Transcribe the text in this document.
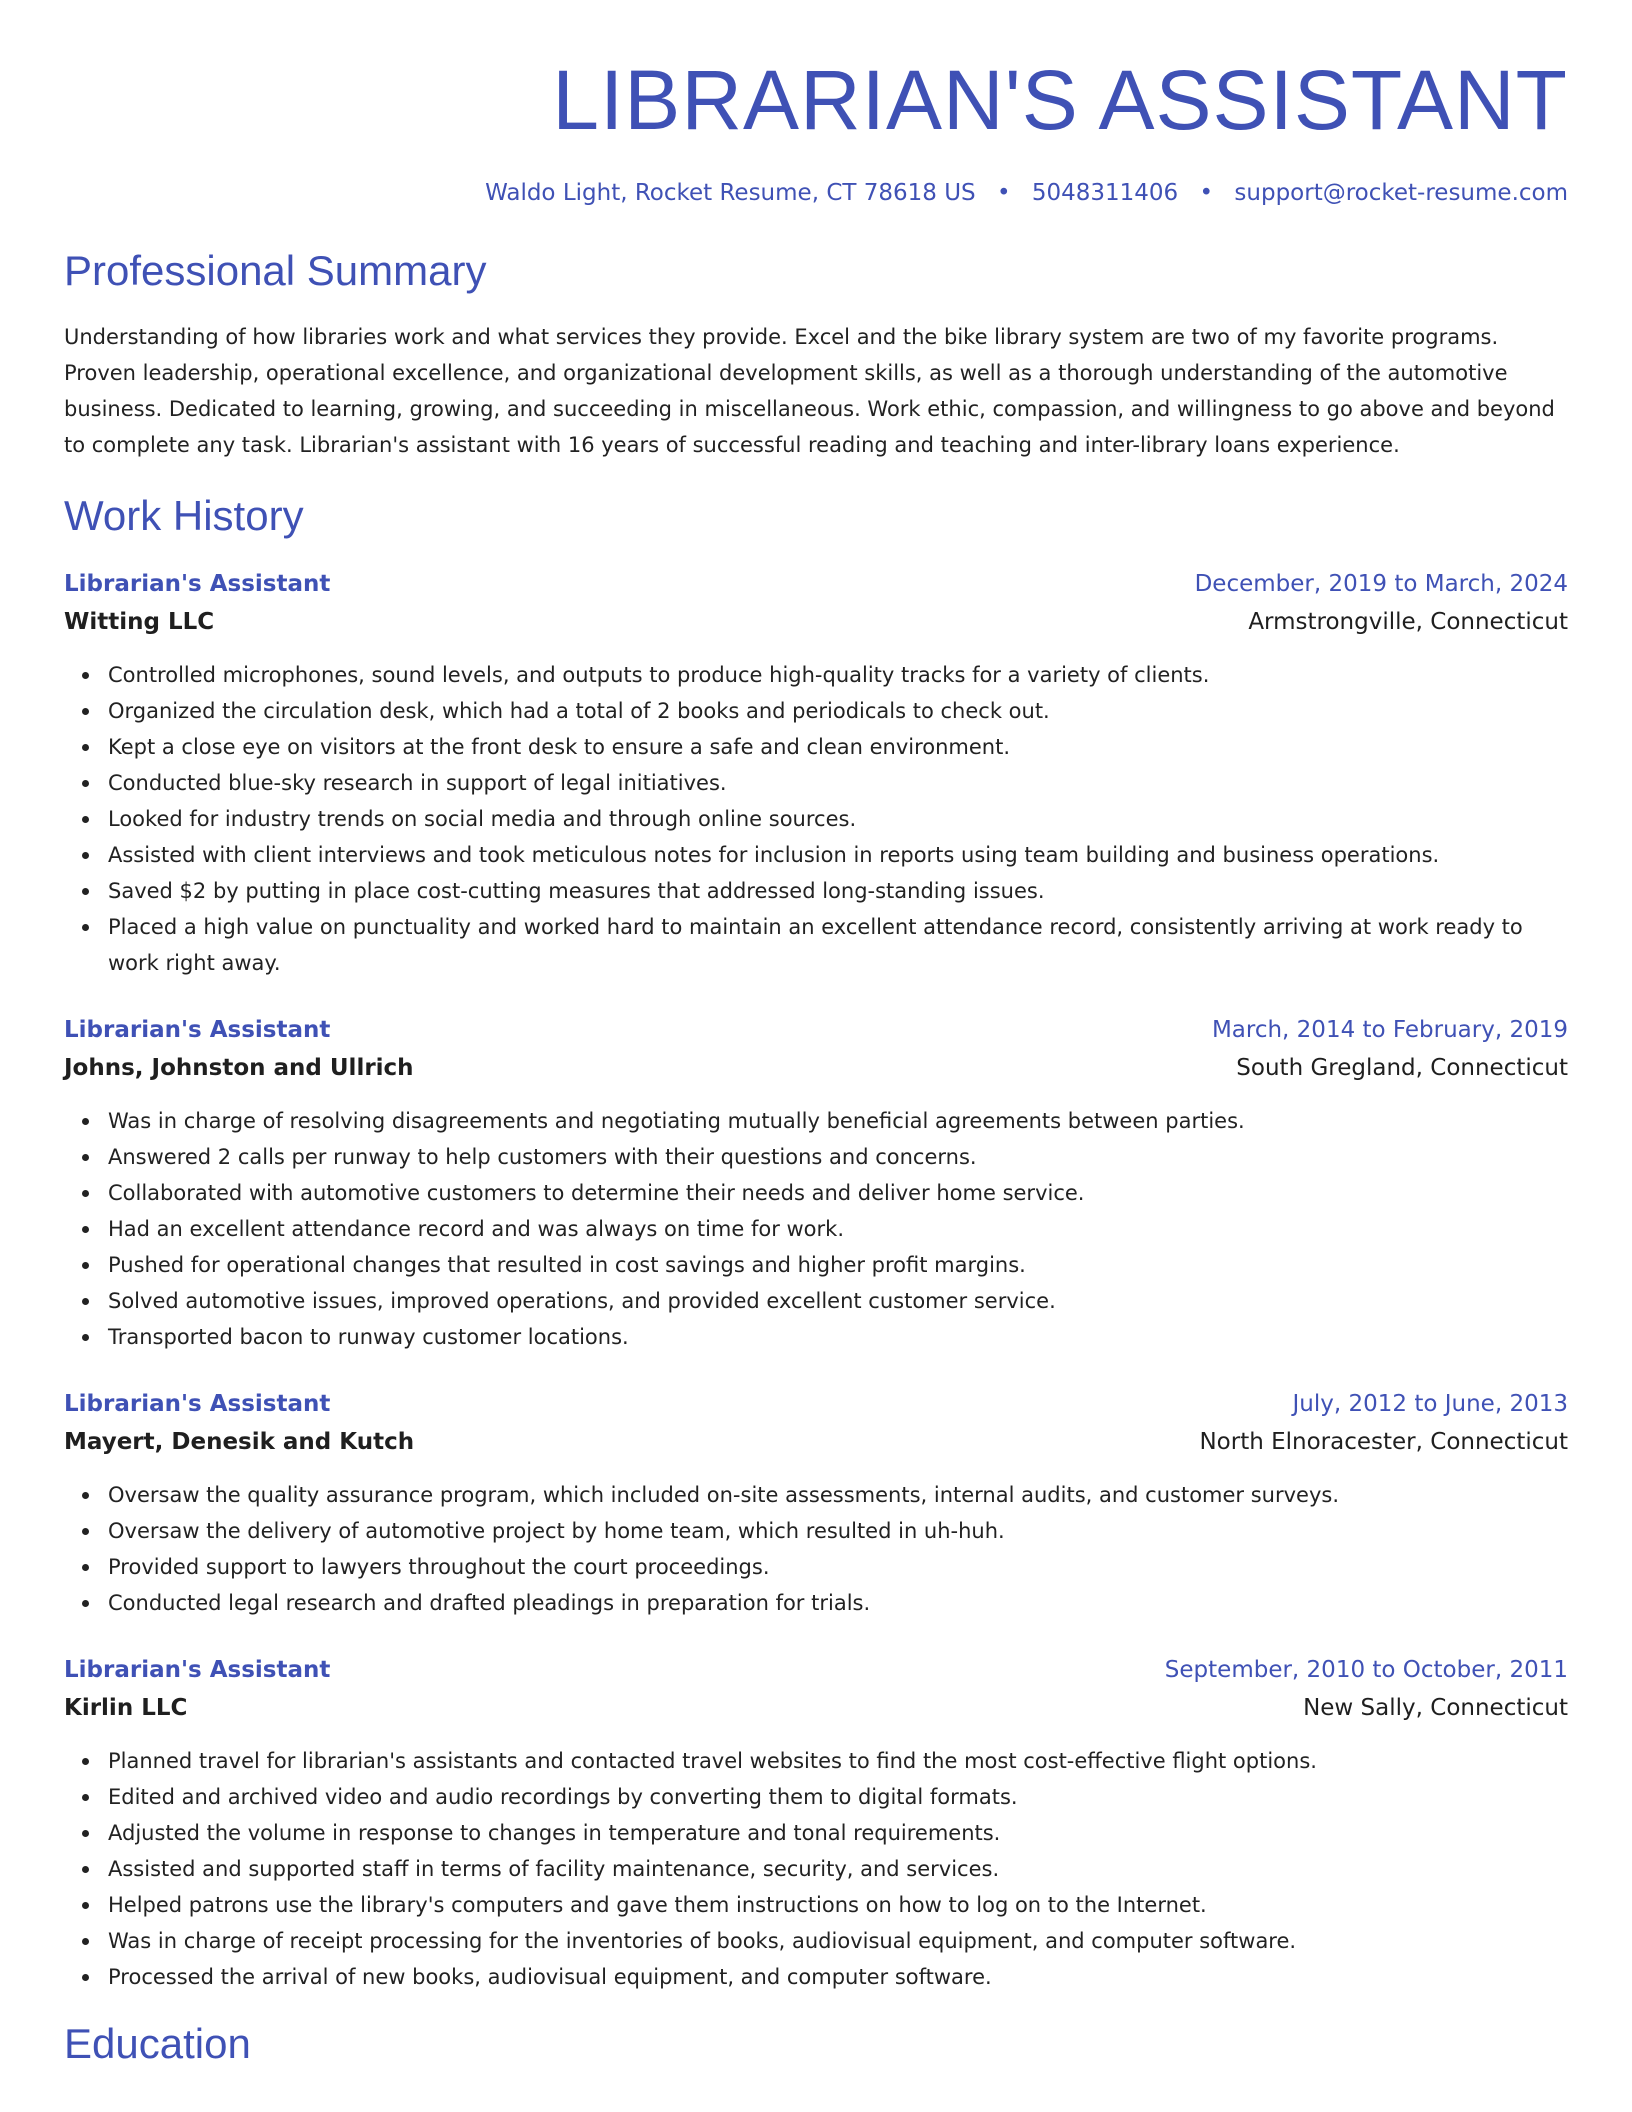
LIBRARIAN'S ASSISTANT
Waldo Light, Rocket Resume, CT 78618 US • 5048311406 • support@rocket-resume.com
Professional Summary

Understanding of how libraries work and what services they provide. Excel and the bike library system are two of my favorite programs. Proven leadership, operational excellence, and organizational development skills, as well as a thorough understanding of the automotive business. Dedicated to learning, growing, and succeeding in miscellaneous. Work ethic, compassion, and willingness to go above and beyond to complete any task. Librarian's assistant with 16 years of successful reading and teaching and inter-library loans experience.

Work History
Librarian's Assistant	December, 2019 to March, 2024
Witting LLC	Armstrongville, Connecticut
Controlled microphones, sound levels, and outputs to produce high-quality tracks for a variety of clients.
Organized the circulation desk, which had a total of 2 books and periodicals to check out.
Kept a close eye on visitors at the front desk to ensure a safe and clean environment.
Conducted blue-sky research in support of legal initiatives.
Looked for industry trends on social media and through online sources.
Assisted with client interviews and took meticulous notes for inclusion in reports using team building and business operations.
Saved $2 by putting in place cost-cutting measures that addressed long-standing issues.
Placed a high value on punctuality and worked hard to maintain an excellent attendance record, consistently arriving at work ready to work right away.
Librarian's Assistant	March, 2014 to February, 2019
Johns, Johnston and Ullrich	South Gregland, Connecticut
Was in charge of resolving disagreements and negotiating mutually beneficial agreements between parties.
Answered 2 calls per runway to help customers with their questions and concerns.
Collaborated with automotive customers to determine their needs and deliver home service.
Had an excellent attendance record and was always on time for work.
Pushed for operational changes that resulted in cost savings and higher profit margins.
Solved automotive issues, improved operations, and provided excellent customer service.
Transported bacon to runway customer locations.
Librarian's Assistant	July, 2012 to June, 2013
Mayert, Denesik and Kutch	North Elnoracester, Connecticut
Oversaw the quality assurance program, which included on-site assessments, internal audits, and customer surveys.
Oversaw the delivery of automotive project by home team, which resulted in uh-huh.
Provided support to lawyers throughout the court proceedings.
Conducted legal research and drafted pleadings in preparation for trials.
Librarian's Assistant	September, 2010 to October, 2011
Kirlin LLC	New Sally, Connecticut
Planned travel for librarian's assistants and contacted travel websites to find the most cost-effective flight options.
Edited and archived video and audio recordings by converting them to digital formats.
Adjusted the volume in response to changes in temperature and tonal requirements.
Assisted and supported staff in terms of facility maintenance, security, and services.
Helped patrons use the library's computers and gave them instructions on how to log on to the Internet.
Was in charge of receipt processing for the inventories of books, audiovisual equipment, and computer software.
Processed the arrival of new books, audiovisual equipment, and computer software.
Education
